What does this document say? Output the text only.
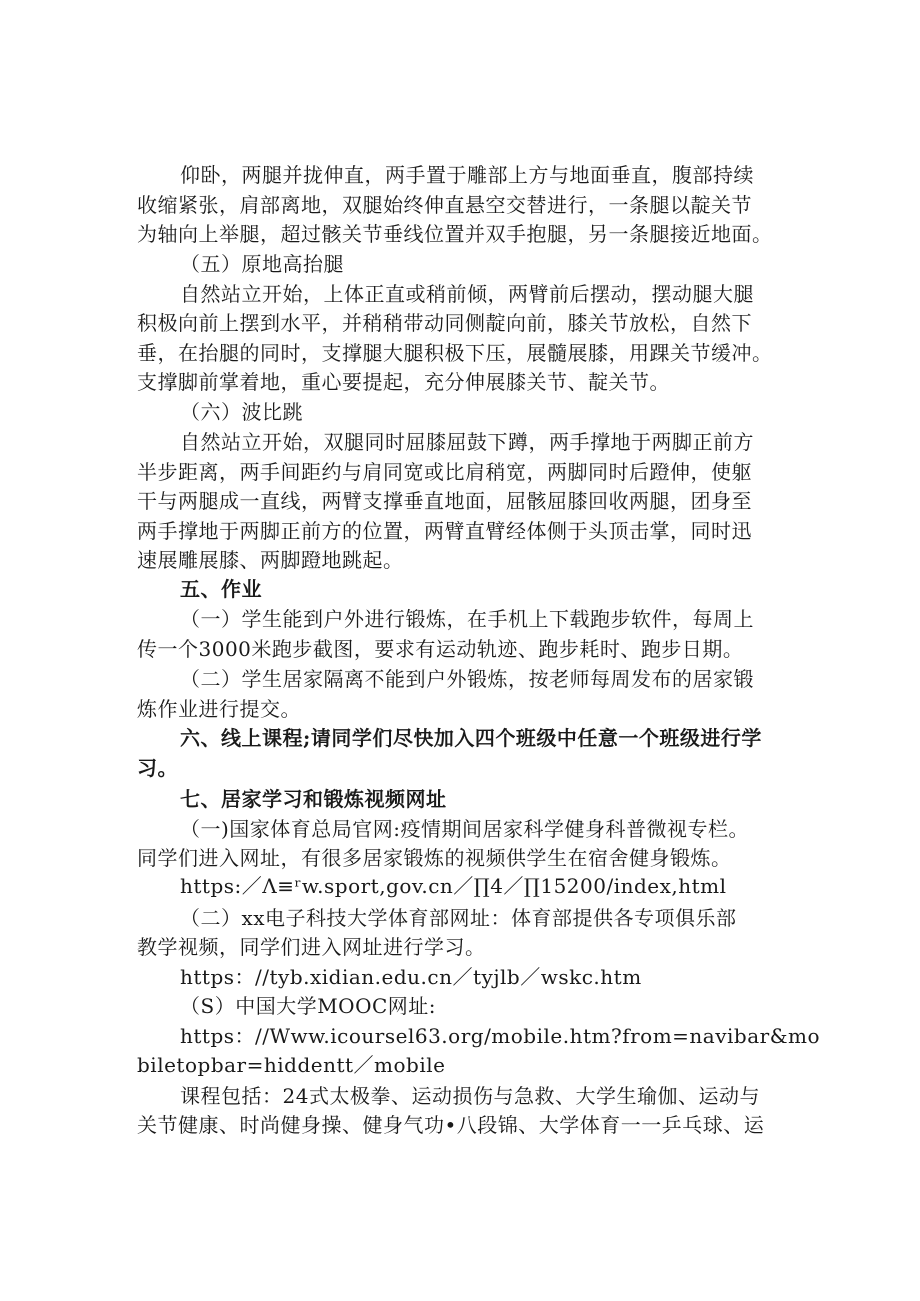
仰卧，两腿并拢伸直，两手置于雕部上方与地面垂直，腹部持续
收缩紧张，肩部离地，双腿始终伸直悬空交替进行，一条腿以靛关节
为轴向上举腿，超过骸关节垂线位置并双手抱腿，另一条腿接近地面。
（五）原地高抬腿
自然站立开始，上体正直或稍前倾，两臂前后摆动，摆动腿大腿
积极向前上摆到水平，并稍稍带动同侧靛向前，膝关节放松，自然下
垂，在抬腿的同时，支撑腿大腿积极下压，展髓展膝，用踝关节缓冲。
支撑脚前掌着地，重心要提起，充分伸展膝关节、靛关节。
（六）波比跳
自然站立开始，双腿同时屈膝屈鼓下蹲，两手撑地于两脚正前方
半步距离，两手间距约与肩同宽或比肩稍宽，两脚同时后蹬伸，使躯
干与两腿成一直线，两臂支撑垂直地面，屈骸屈膝回收两腿，团身至
两手撑地于两脚正前方的位置，两臂直臂经体侧于头顶击掌，同时迅
速展雕展膝、两脚蹬地跳起。
五、作业
（一）学生能到户外进行锻炼，在手机上下载跑步软件，每周上
传一个3000米跑步截图，要求有运动轨迹、跑步耗时、跑步日期。
（二）学生居家隔离不能到户外锻炼，按老师每周发布的居家锻
炼作业进行提交。
六、线上课程;请同学们尽快加入四个班级中任意一个班级进行学
习。
七、居家学习和锻炼视频网址
（一)国家体育总局官网:疫情期间居家科学健身科普微视专栏。
同学们进入网址，有很多居家锻炼的视频供学生在宿舍健身锻炼。
https:／Λ≡ʳw.sport,gov.cn／∏4／∏15200/index,html
（二）xx电子科技大学体育部网址：体育部提供各专项俱乐部
教学视频，同学们进入网址进行学习。
https：//tyb.xidian.edu.cn／tyjlb／wskc.htm
（S）中国大学MOOC网址:
https：//Www.icoursel63.org/mobile.htm?from=navibar&mo
biletopbar=hiddentt／mobile
课程包括：24式太极拳、运动损伤与急救、大学生瑜伽、运动与
关节健康、时尚健身操、健身气功•八段锦、大学体育一一乒乓球、运
